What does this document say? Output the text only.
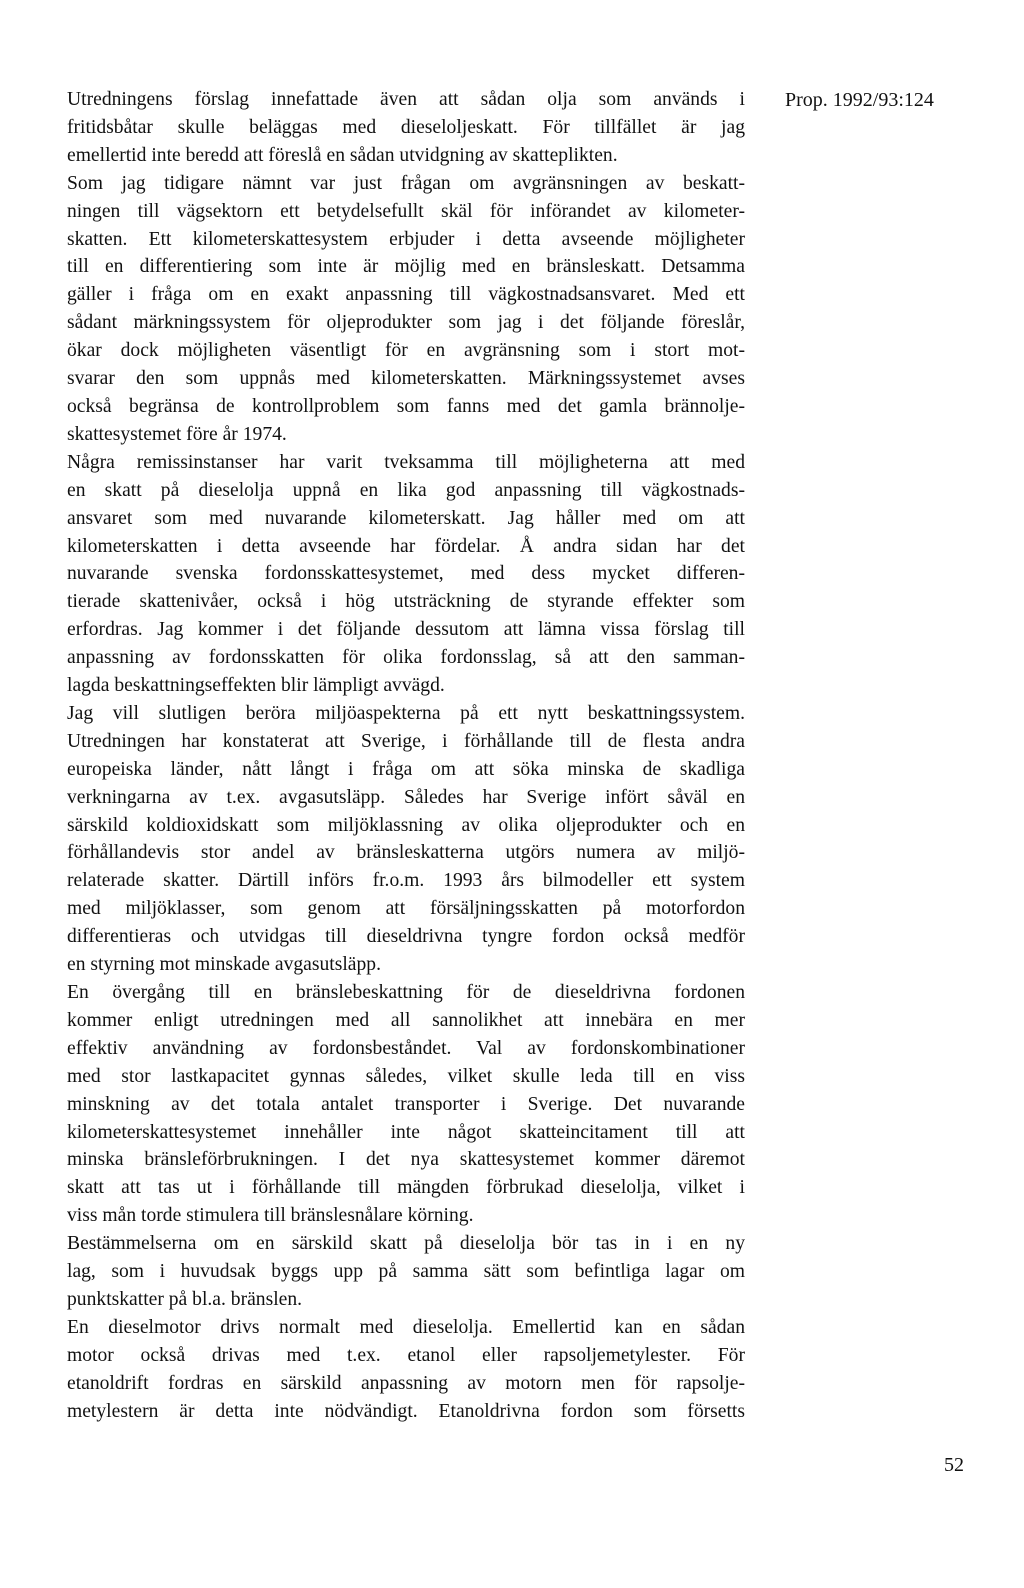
Utredningens förslag innefattade även att sådan olja som används i
fritidsbåtar skulle beläggas med dieseloljeskatt. För tillfället är jag
emellertid inte beredd att föreslå en sådan utvidgning av skatteplikten.

Som jag tidigare nämnt var just frågan om avgränsningen av beskatt-
ningen till vägsektorn ett betydelsefullt skäl för införandet av kilometer-
skatten. Ett kilometerskattesystem erbjuder i detta avseende möjligheter
till en differentiering som inte är möjlig med en bränsleskatt. Detsamma
gäller i fråga om en exakt anpassning till vägkostnadsansvaret. Med ett
sådant märkningssystem för oljeprodukter som jag i det följande föreslår,
ökar dock möjligheten väsentligt för en avgränsning som i stort mot-
svarar den som uppnås med kilometerskatten. Märkningssystemet avses
också begränsa de kontrollproblem som fanns med det gamla brännolje-
skattesystemet före år 1974.

Några remissinstanser har varit tveksamma till möjligheterna att med
en skatt på dieselolja uppnå en lika god anpassning till vägkostnads-
ansvaret som med nuvarande kilometerskatt. Jag håller med om att
kilometerskatten i detta avseende har fördelar. Å andra sidan har det
nuvarande svenska fordonsskattesystemet, med dess mycket differen-
tierade skattenivåer, också i hög utsträckning de styrande effekter som
erfordras. Jag kommer i det följande dessutom att lämna vissa förslag till
anpassning av fordonsskatten för olika fordonsslag, så att den samman-
lagda beskattningseffekten blir lämpligt avvägd.

Jag vill slutligen beröra miljöaspekterna på ett nytt beskattningssystem.
Utredningen har konstaterat att Sverige, i förhållande till de flesta andra
europeiska länder, nått långt i fråga om att söka minska de skadliga
verkningarna av t.ex. avgasutsläpp. Således har Sverige infört såväl en
särskild koldioxidskatt som miljöklassning av olika oljeprodukter och en
förhållandevis stor andel av bränsleskatterna utgörs numera av miljö-
relaterade skatter. Därtill införs fr.o.m. 1993 års bilmodeller ett system
med miljöklasser, som genom att försäljningsskatten på motorfordon
differentieras och utvidgas till dieseldrivna tyngre fordon också medför
en styrning mot minskade avgasutsläpp.

En övergång till en bränslebeskattning för de dieseldrivna fordonen
kommer enligt utredningen med all sannolikhet att innebära en mer
effektiv användning av fordonsbeståndet. Val av fordonskombinationer
med stor lastkapacitet gynnas således, vilket skulle leda till en viss
minskning av det totala antalet transporter i Sverige. Det nuvarande
kilometerskattesystemet innehåller inte något skatteincitament till att
minska bränsleförbrukningen. I det nya skattesystemet kommer däremot
skatt att tas ut i förhållande till mängden förbrukad dieselolja, vilket i
viss mån torde stimulera till bränslesnålare körning.

Bestämmelserna om en särskild skatt på dieselolja bör tas in i en ny
lag, som i huvudsak byggs upp på samma sätt som befintliga lagar om
punktskatter på bl.a. bränslen.

En dieselmotor drivs normalt med dieselolja. Emellertid kan en sådan
motor också drivas med t.ex. etanol eller rapsoljemetylester. För
etanoldrift fordras en särskild anpassning av motorn men för rapsolje-
metylestern är detta inte nödvändigt. Etanoldrivna fordon som försetts

Prop. 1992/93:124
52
